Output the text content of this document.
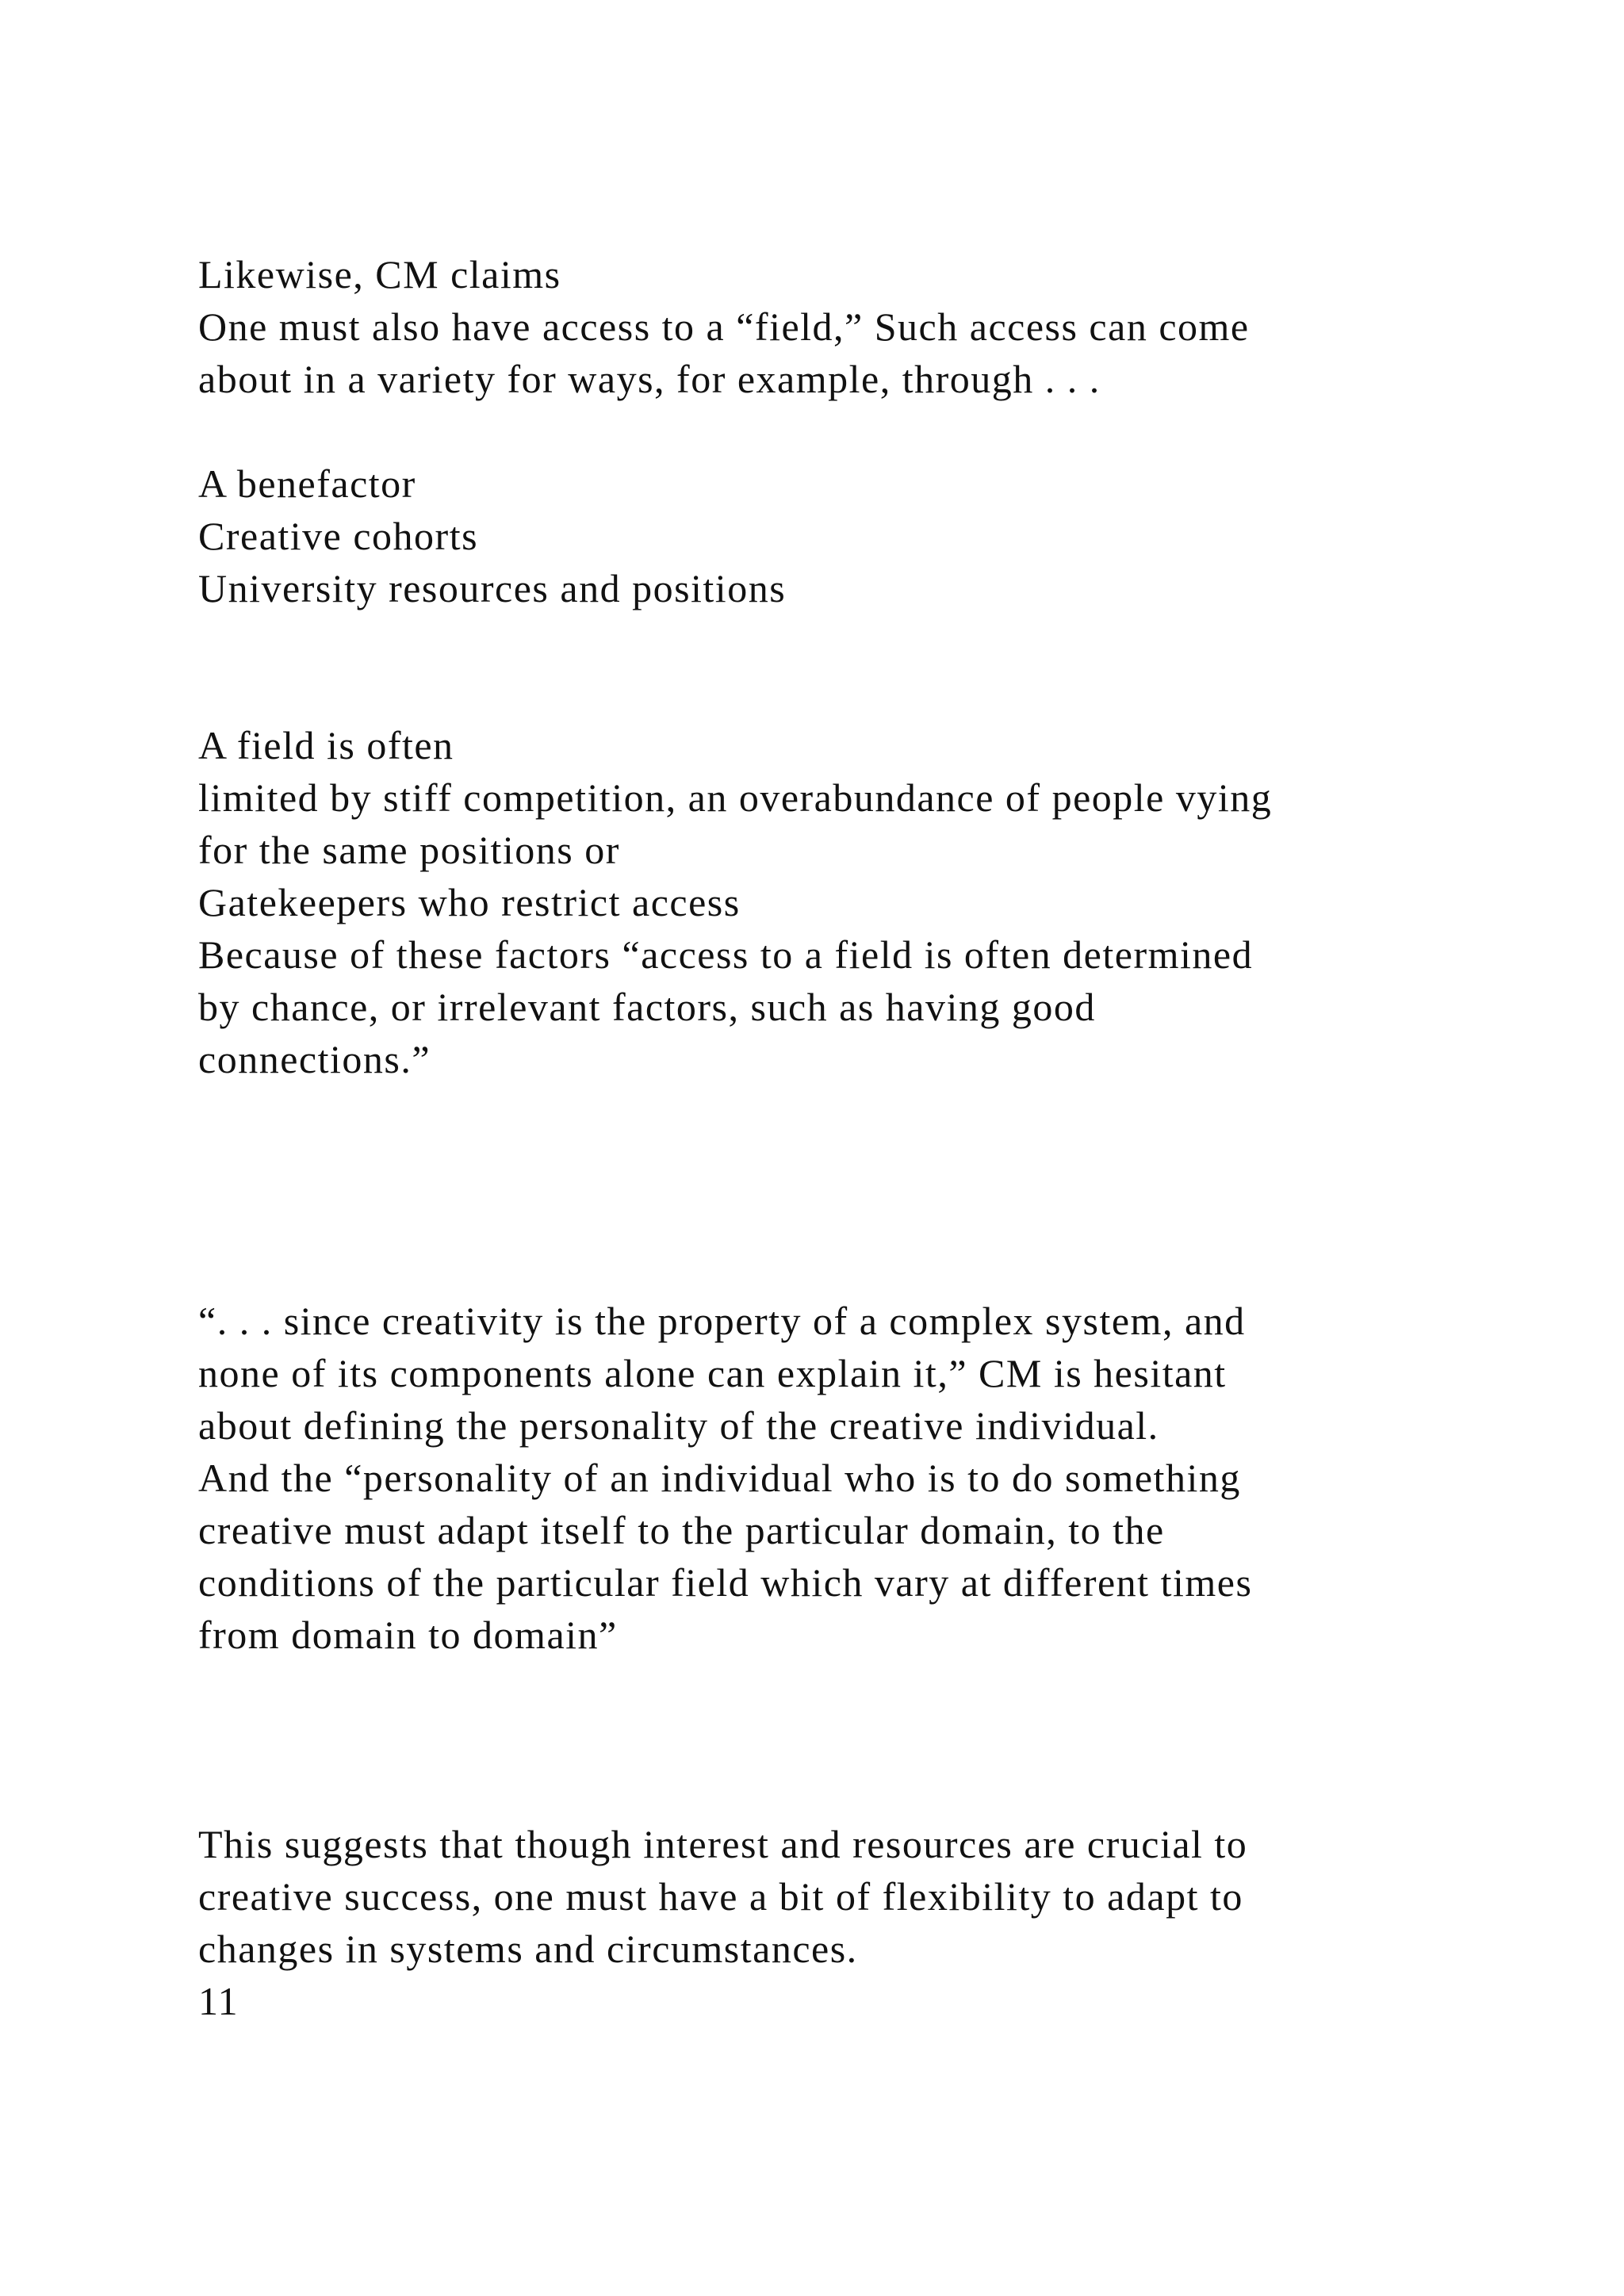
Likewise, CM claims

One must also have access to a “field,” Such access can come

about in a variety for ways, for example, through . . .

A benefactor

Creative cohorts

University resources and positions

A field is often

limited by stiff competition, an overabundance of people vying

for the same positions or

Gatekeepers who restrict access

Because of these factors “access to a field is often determined

by chance, or irrelevant factors, such as having good

connections.”

“. . . since creativity is the property of a complex system, and

none of its components alone can explain it,” CM is hesitant

about defining the personality of the creative individual.

And the “personality of an individual who is to do something

creative must adapt itself to the particular domain, to the

conditions of the particular field which vary at different times

from domain to domain”

This suggests that though interest and resources are crucial to

creative success, one must have a bit of flexibility to adapt to

changes in systems and circumstances.

11
